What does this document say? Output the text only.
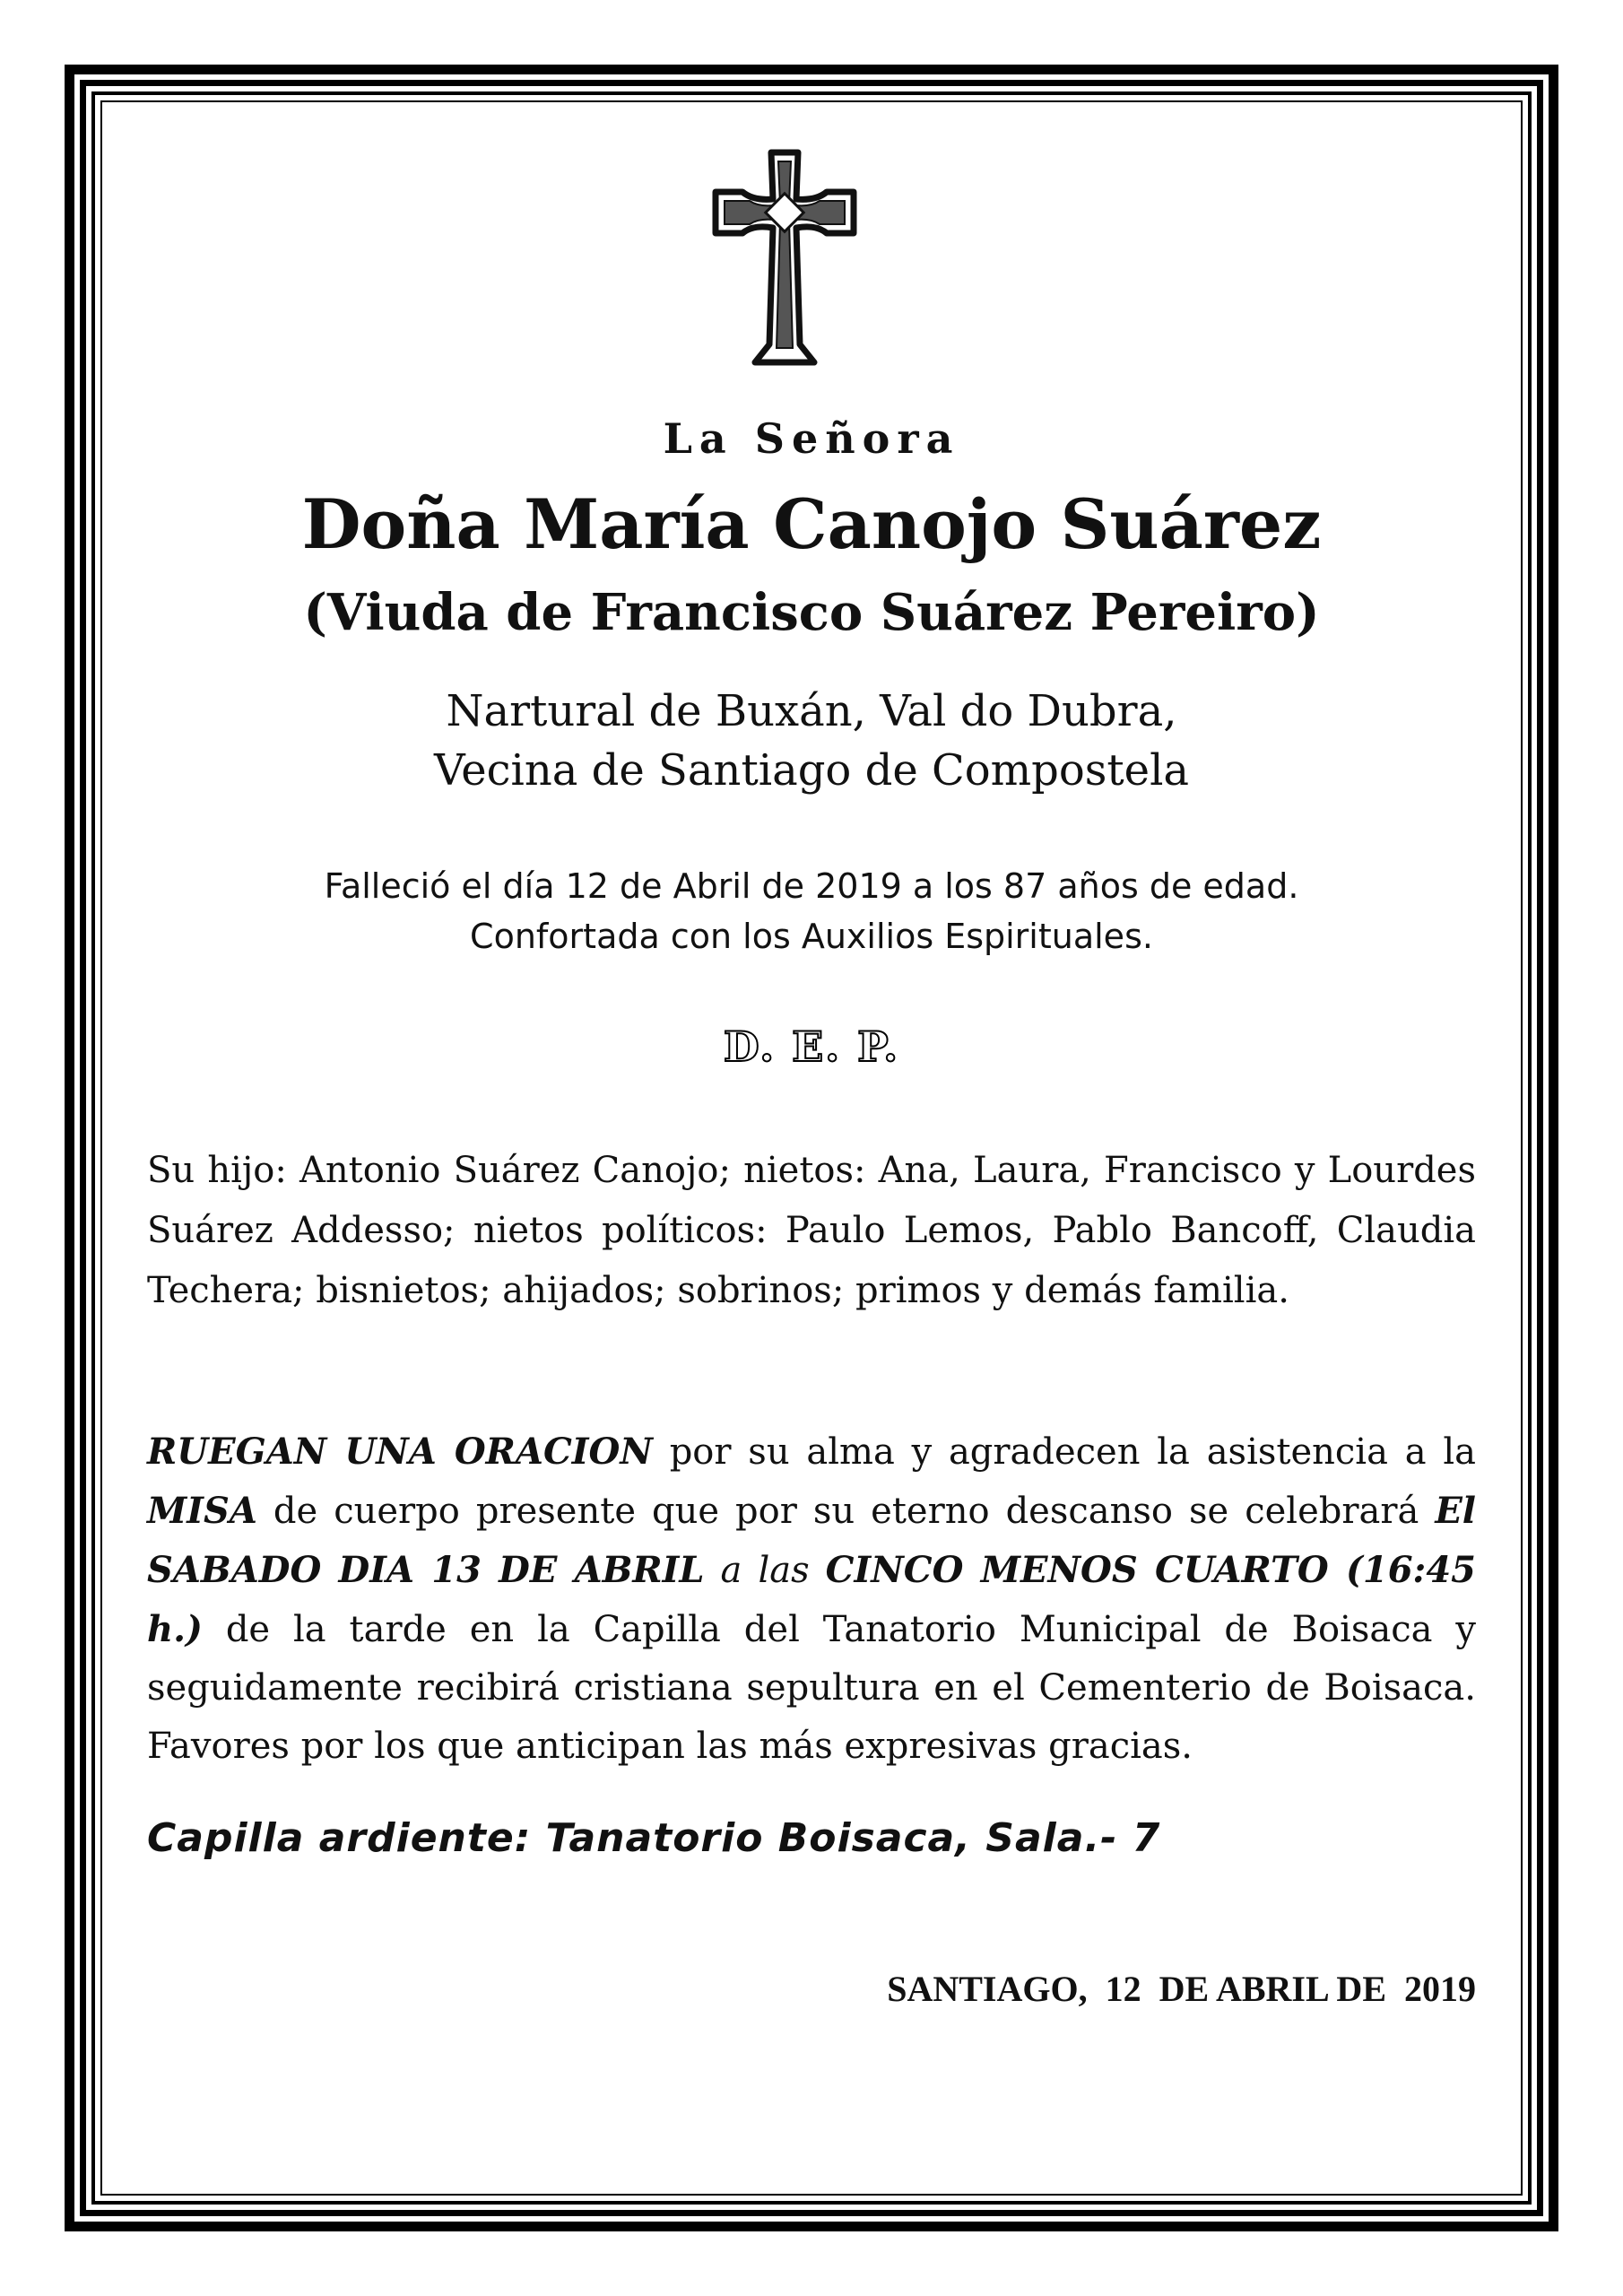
La Señora
Doña María Canojo Suárez
(Viuda de Francisco Suárez Pereiro)
Nartural de Buxán, Val do Dubra,
Vecina de Santiago de Compostela
Falleció el día 12 de Abril de 2019 a los 87 años de edad.
Confortada con los Auxilios Espirituales.
D. E. P.
Su hijo: Antonio Suárez Canojo; nietos: Ana, Laura, Francisco y Lourdes Suárez Addesso; nietos políticos: Paulo Lemos, Pablo Bancoff, Claudia Techera; bisnietos; ahijados; sobrinos; primos y demás familia.
RUEGAN UNA ORACION por su alma y agradecen la asistencia a la MISA de cuerpo presente que por su eterno descanso se celebrará El SABADO DIA 13 DE ABRIL a las CINCO MENOS CUARTO (16:45 h.) de la tarde en la Capilla del Tanatorio Municipal de Boisaca y seguidamente recibirá cristiana sepultura en el Cementerio de Boisaca. Favores por los que anticipan las más expresivas gracias.
Capilla ardiente: Tanatorio Boisaca, Sala.- 7
SANTIAGO,  12  DE ABRIL DE  2019
